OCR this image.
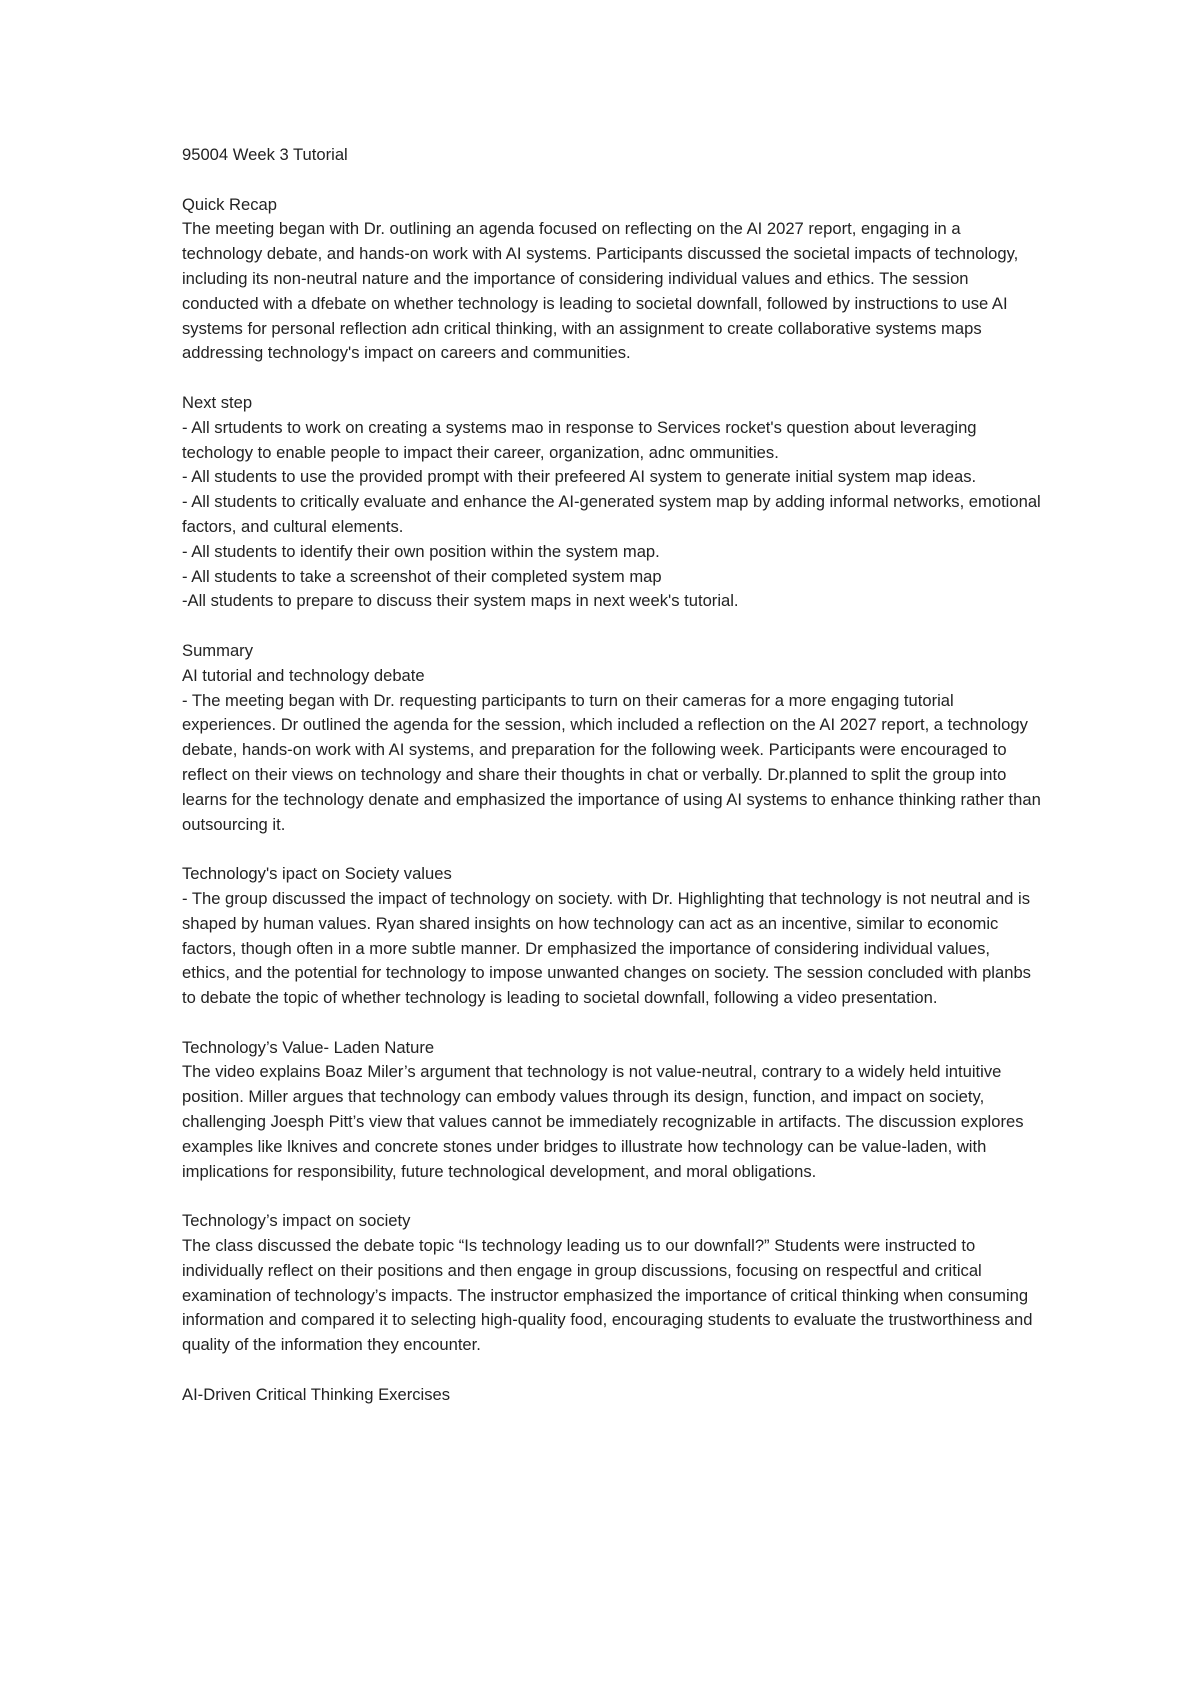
95004 Week 3 Tutorial

Quick Recap

The meeting began with Dr. outlining an agenda focused on reflecting on the AI 2027 report, engaging in a technology debate, and hands-on work with AI systems. Participants discussed the societal impacts of technology, including its non-neutral nature and the importance of considering individual values and ethics. The session conducted with a dfebate on whether technology is leading to societal downfall, followed by instructions to use AI systems for personal reflection adn critical thinking, with an assignment to create collaborative systems maps addressing technology's impact on careers and communities.

Next step

- All srtudents to work on creating a systems mao in response to Services rocket's question about leveraging techology to enable people to impact their career, organization, adnc ommunities.

- All students to use the provided prompt with their prefeered AI system to generate initial system map ideas.

- All students to critically evaluate and enhance the AI-generated system map by adding informal networks, emotional factors, and cultural elements.

- All students to identify their own position within the system map.

- All students to take a screenshot of their completed system map

-All students to prepare to discuss their system maps in next week's tutorial.

Summary

AI tutorial and technology debate

- The meeting began with Dr. requesting participants to turn on their cameras for a more engaging tutorial experiences. Dr outlined the agenda for the session, which included a reflection on the AI 2027 report, a technology debate, hands-on work with AI systems, and preparation for the following week. Participants were encouraged to reflect on their views on technology and share their thoughts in chat or verbally. Dr.planned to split the group into learns for the technology denate and emphasized the importance of using AI systems to enhance thinking rather than outsourcing it.

Technology's ipact on Society values

- The group discussed the impact of technology on society. with Dr. Highlighting that technology is not neutral and is shaped by human values. Ryan shared insights on how technology can act as an incentive, similar to economic factors, though often in a more subtle manner. Dr emphasized the importance of considering individual values, ethics, and the potential for technology to impose unwanted changes on society. The session concluded with planbs to debate the topic of whether technology is leading to societal downfall, following a video presentation.

Technology’s Value- Laden Nature

The video explains Boaz Miler’s argument that technology is not value-neutral, contrary to a widely held intuitive position. Miller argues that technology can embody values through its design, function, and impact on society, challenging Joesph Pitt’s view that values cannot be immediately recognizable in artifacts. The discussion explores examples like lknives and concrete stones under bridges to illustrate how technology can be value-laden, with implications for responsibility, future technological development, and moral obligations.

Technology’s impact on society

The class discussed the debate topic “Is technology leading us to our downfall?” Students were instructed to individually reflect on their positions and then engage in group discussions, focusing on respectful and critical examination of technology’s impacts. The instructor emphasized the importance of critical thinking when consuming information and compared it to selecting high-quality food, encouraging students to evaluate the trustworthiness and quality of the information they encounter.

AI-Driven Critical Thinking Exercises
